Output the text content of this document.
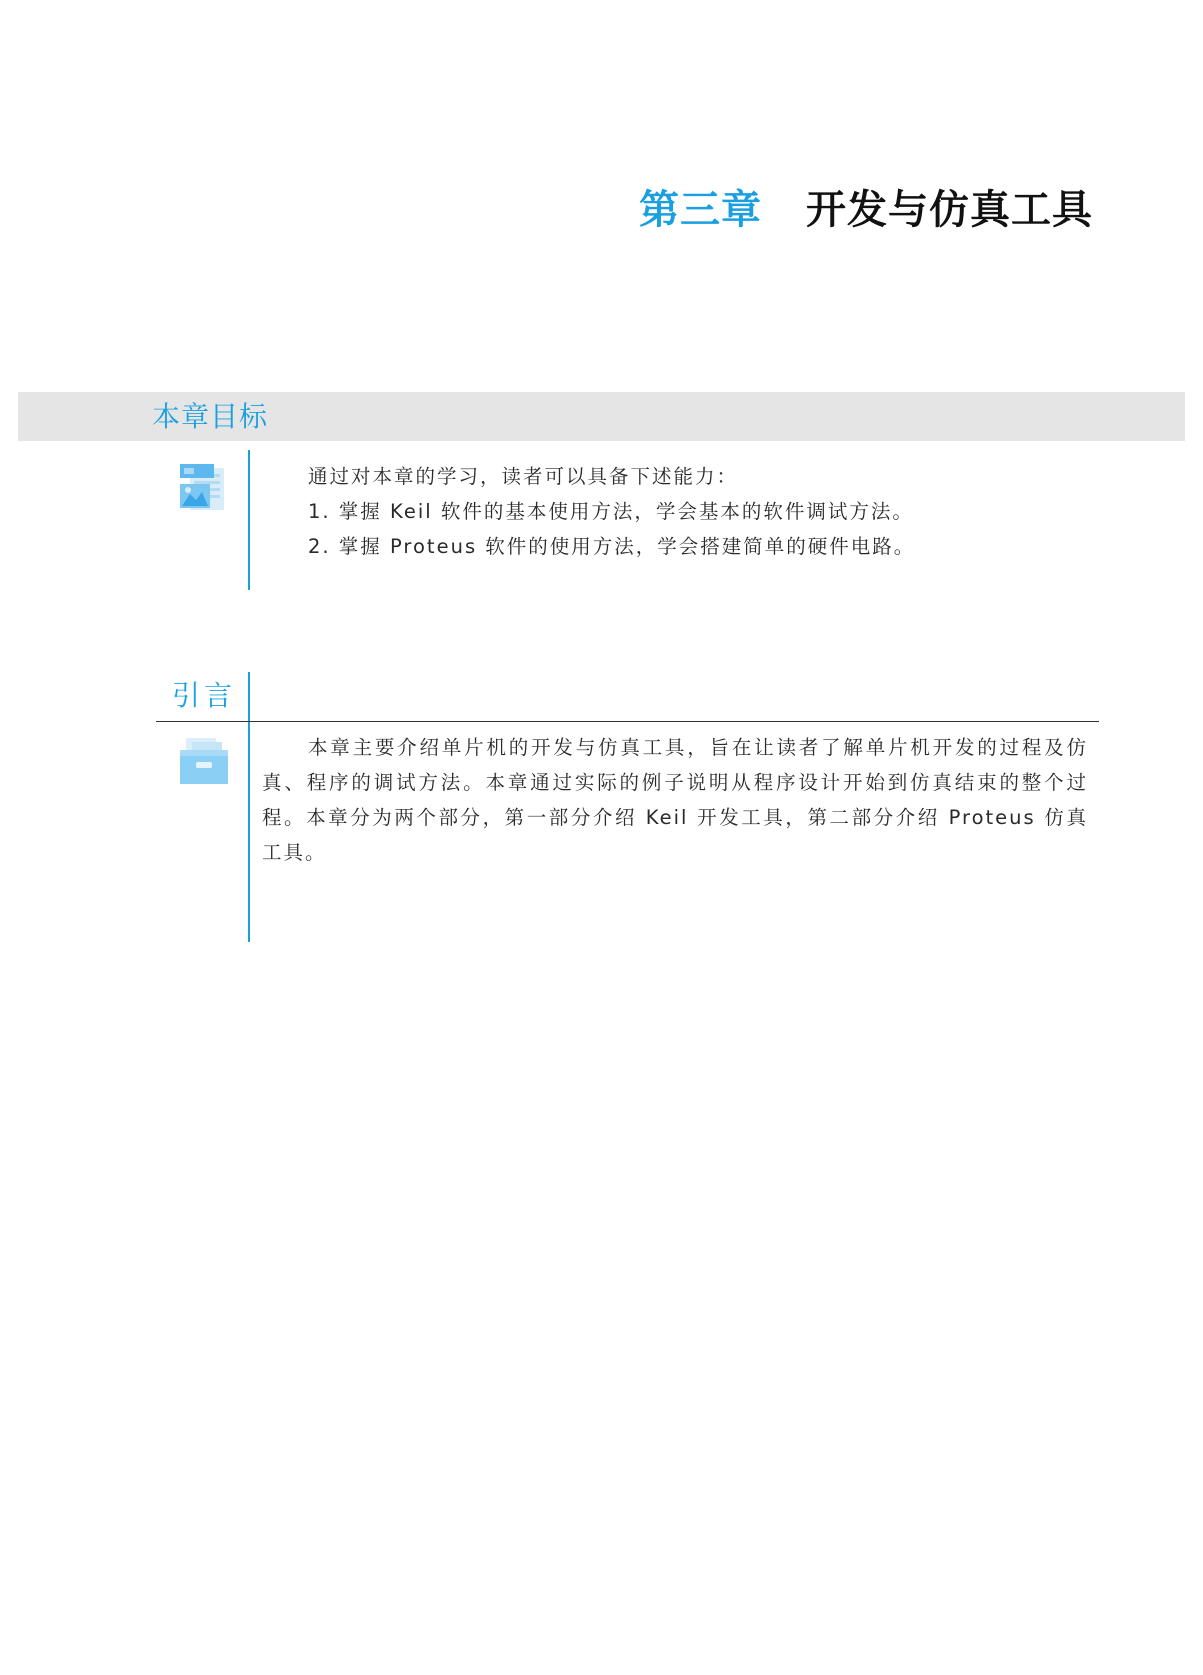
第三章 开发与仿真工具
本章目标
通过对本章的学习，读者可以具备下述能力：
1. 掌握 Keil 软件的基本使用方法，学会基本的软件调试方法。
2. 掌握 Proteus 软件的使用方法，学会搭建简单的硬件电路。
引言
本章主要介绍单片机的开发与仿真工具，旨在让读者了解单片机开发的过程及仿真、程序的调试方法。本章通过实际的例子说明从程序设计开始到仿真结束的整个过程。本章分为两个部分，第一部分介绍 Keil 开发工具，第二部分介绍 Proteus 仿真工具。
